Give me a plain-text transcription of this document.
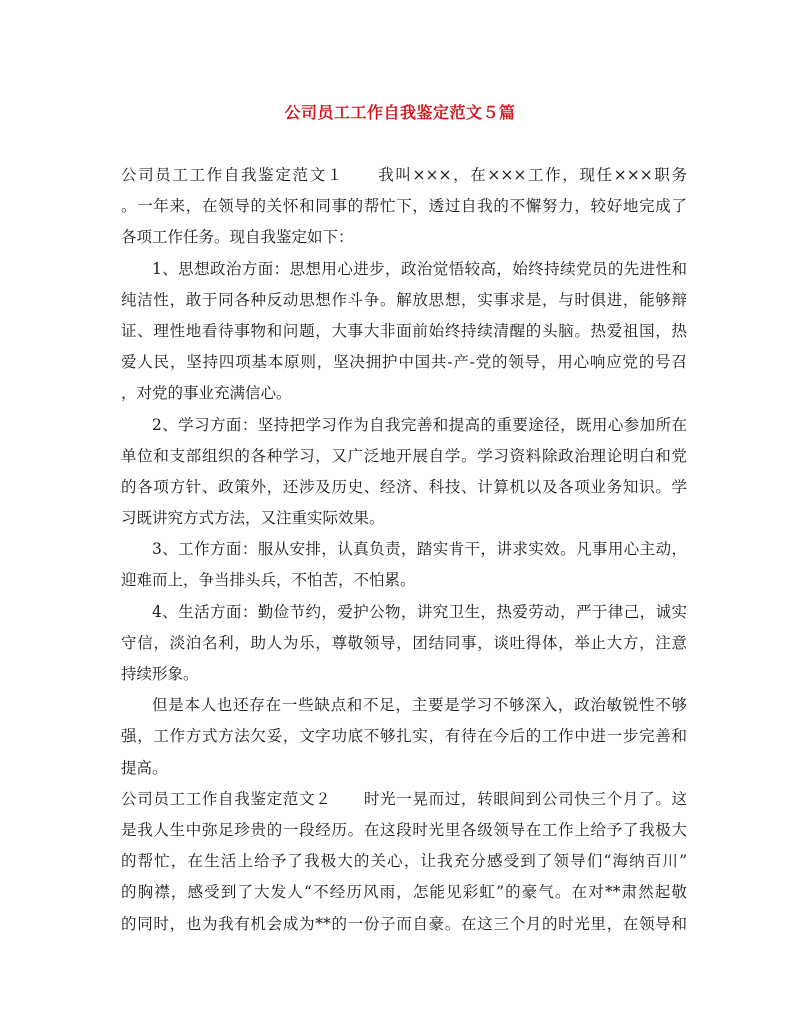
公司员工工作自我鉴定范文５篇
公司员工工作自我鉴定范文１　　我叫×××，在×××工作，现任×××职务
。一年来，在领导的关怀和同事的帮忙下，透过自我的不懈努力，较好地完成了
各项工作任务。现自我鉴定如下：
1、思想政治方面：思想用心进步，政治觉悟较高，始终持续党员的先进性和
纯洁性，敢于同各种反动思想作斗争。解放思想，实事求是，与时俱进，能够辩
证、理性地看待事物和问题，大事大非面前始终持续清醒的头脑。热爱祖国，热
爱人民，坚持四项基本原则，坚决拥护中国共-产-党的领导，用心响应党的号召
，对党的事业充满信心。
2、学习方面：坚持把学习作为自我完善和提高的重要途径，既用心参加所在
单位和支部组织的各种学习，又广泛地开展自学。学习资料除政治理论明白和党
的各项方针、政策外，还涉及历史、经济、科技、计算机以及各项业务知识。学
习既讲究方式方法，又注重实际效果。
3、工作方面：服从安排，认真负责，踏实肯干，讲求实效。凡事用心主动，
迎难而上，争当排头兵，不怕苦，不怕累。
4、生活方面：勤俭节约，爱护公物，讲究卫生，热爱劳动，严于律己，诚实
守信，淡泊名利，助人为乐，尊敬领导，团结同事，谈吐得体，举止大方，注意
持续形象。
但是本人也还存在一些缺点和不足，主要是学习不够深入，政治敏锐性不够
强，工作方式方法欠妥，文字功底不够扎实，有待在今后的工作中进一步完善和
提高。
公司员工工作自我鉴定范文２　　时光一晃而过，转眼间到公司快三个月了。这
是我人生中弥足珍贵的一段经历。在这段时光里各级领导在工作上给予了我极大
的帮忙，在生活上给予了我极大的关心，让我充分感受到了领导们“海纳百川”
的胸襟，感受到了大发人“不经历风雨，怎能见彩虹”的豪气。在对**肃然起敬
的同时，也为我有机会成为**的一份子而自豪。在这三个月的时光里，在领导和
